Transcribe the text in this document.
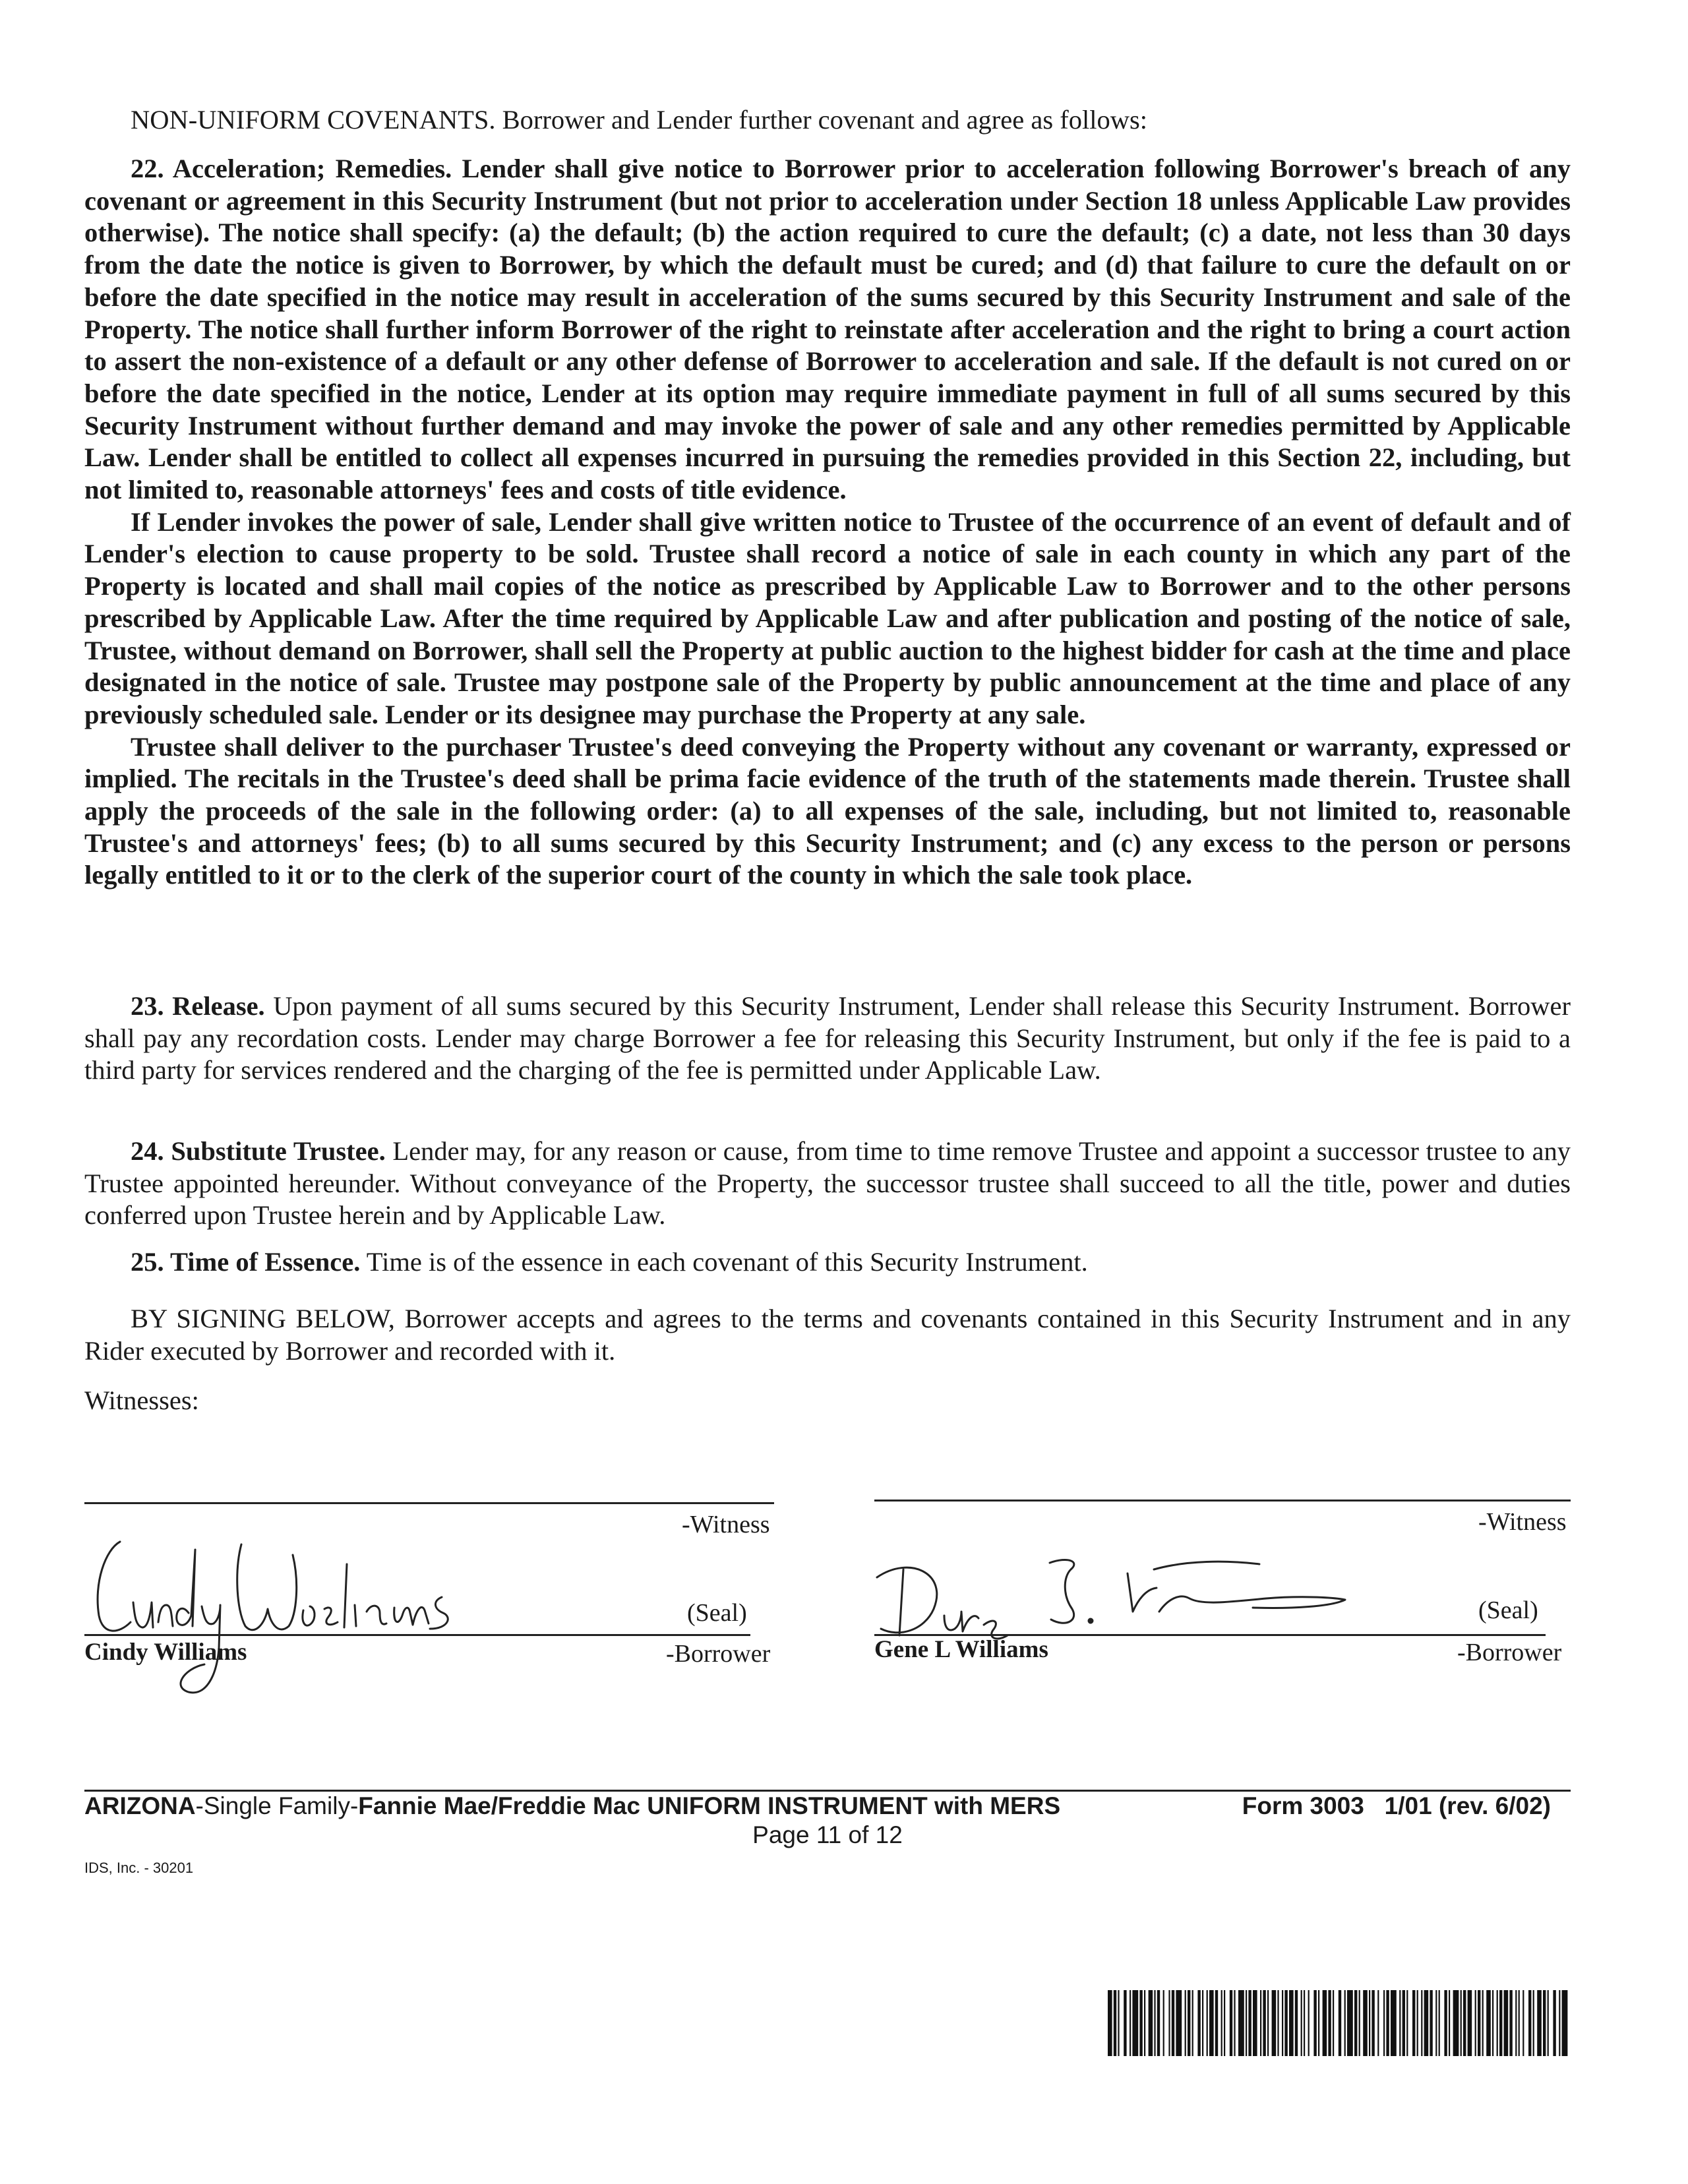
NON-UNIFORM COVENANTS. Borrower and Lender further covenant and agree as follows:

22. Acceleration; Remedies. Lender shall give notice to Borrower prior to acceleration following Borrower's breach of any covenant or agreement in this Security Instrument (but not prior to acceleration under Section 18 unless Applicable Law provides otherwise). The notice shall specify: (a) the default; (b) the action required to cure the default; (c) a date, not less than 30 days from the date the notice is given to Borrower, by which the default must be cured; and (d) that failure to cure the default on or before the date specified in the notice may result in acceleration of the sums secured by this Security Instrument and sale of the Property. The notice shall further inform Borrower of the right to reinstate after acceleration and the right to bring a court action to assert the non-existence of a default or any other defense of Borrower to acceleration and sale. If the default is not cured on or before the date specified in the notice, Lender at its option may require immediate payment in full of all sums secured by this Security Instrument without further demand and may invoke the power of sale and any other remedies permitted by Applicable Law. Lender shall be entitled to collect all expenses incurred in pursuing the remedies provided in this Section 22, including, but not limited to, reasonable attorneys' fees and costs of title evidence.

If Lender invokes the power of sale, Lender shall give written notice to Trustee of the occurrence of an event of default and of Lender's election to cause property to be sold. Trustee shall record a notice of sale in each county in which any part of the Property is located and shall mail copies of the notice as prescribed by Applicable Law to Borrower and to the other persons prescribed by Applicable Law. After the time required by Applicable Law and after publication and posting of the notice of sale, Trustee, without demand on Borrower, shall sell the Property at public auction to the highest bidder for cash at the time and place designated in the notice of sale. Trustee may postpone sale of the Property by public announcement at the time and place of any previously scheduled sale. Lender or its designee may purchase the Property at any sale.

Trustee shall deliver to the purchaser Trustee's deed conveying the Property without any covenant or warranty, expressed or implied. The recitals in the Trustee's deed shall be prima facie evidence of the truth of the statements made therein. Trustee shall apply the proceeds of the sale in the following order: (a) to all expenses of the sale, including, but not limited to, reasonable Trustee's and attorneys' fees; (b) to all sums secured by this Security Instrument; and (c) any excess to the person or persons legally entitled to it or to the clerk of the superior court of the county in which the sale took place.

23. Release. Upon payment of all sums secured by this Security Instrument, Lender shall release this Security Instrument. Borrower shall pay any recordation costs. Lender may charge Borrower a fee for releasing this Security Instrument, but only if the fee is paid to a third party for services rendered and the charging of the fee is permitted under Applicable Law.

24. Substitute Trustee. Lender may, for any reason or cause, from time to time remove Trustee and appoint a successor trustee to any Trustee appointed hereunder. Without conveyance of the Property, the successor trustee shall succeed to all the title, power and duties conferred upon Trustee herein and by Applicable Law.

25. Time of Essence. Time is of the essence in each covenant of this Security Instrument.

BY SIGNING BELOW, Borrower accepts and agrees to the terms and covenants contained in this Security Instrument and in any Rider executed by Borrower and recorded with it.

Witnesses:
-Witness	-Witness
(Seal)
Cindy Williams	-Borrower
(Seal)
Gene L Williams	-Borrower
ARIZONA-Single Family-Fannie Mae/Freddie Mac UNIFORM INSTRUMENT with MERS	Form 3003   1/01 (rev. 6/02)
Page 11 of 12
IDS, Inc. - 30201
